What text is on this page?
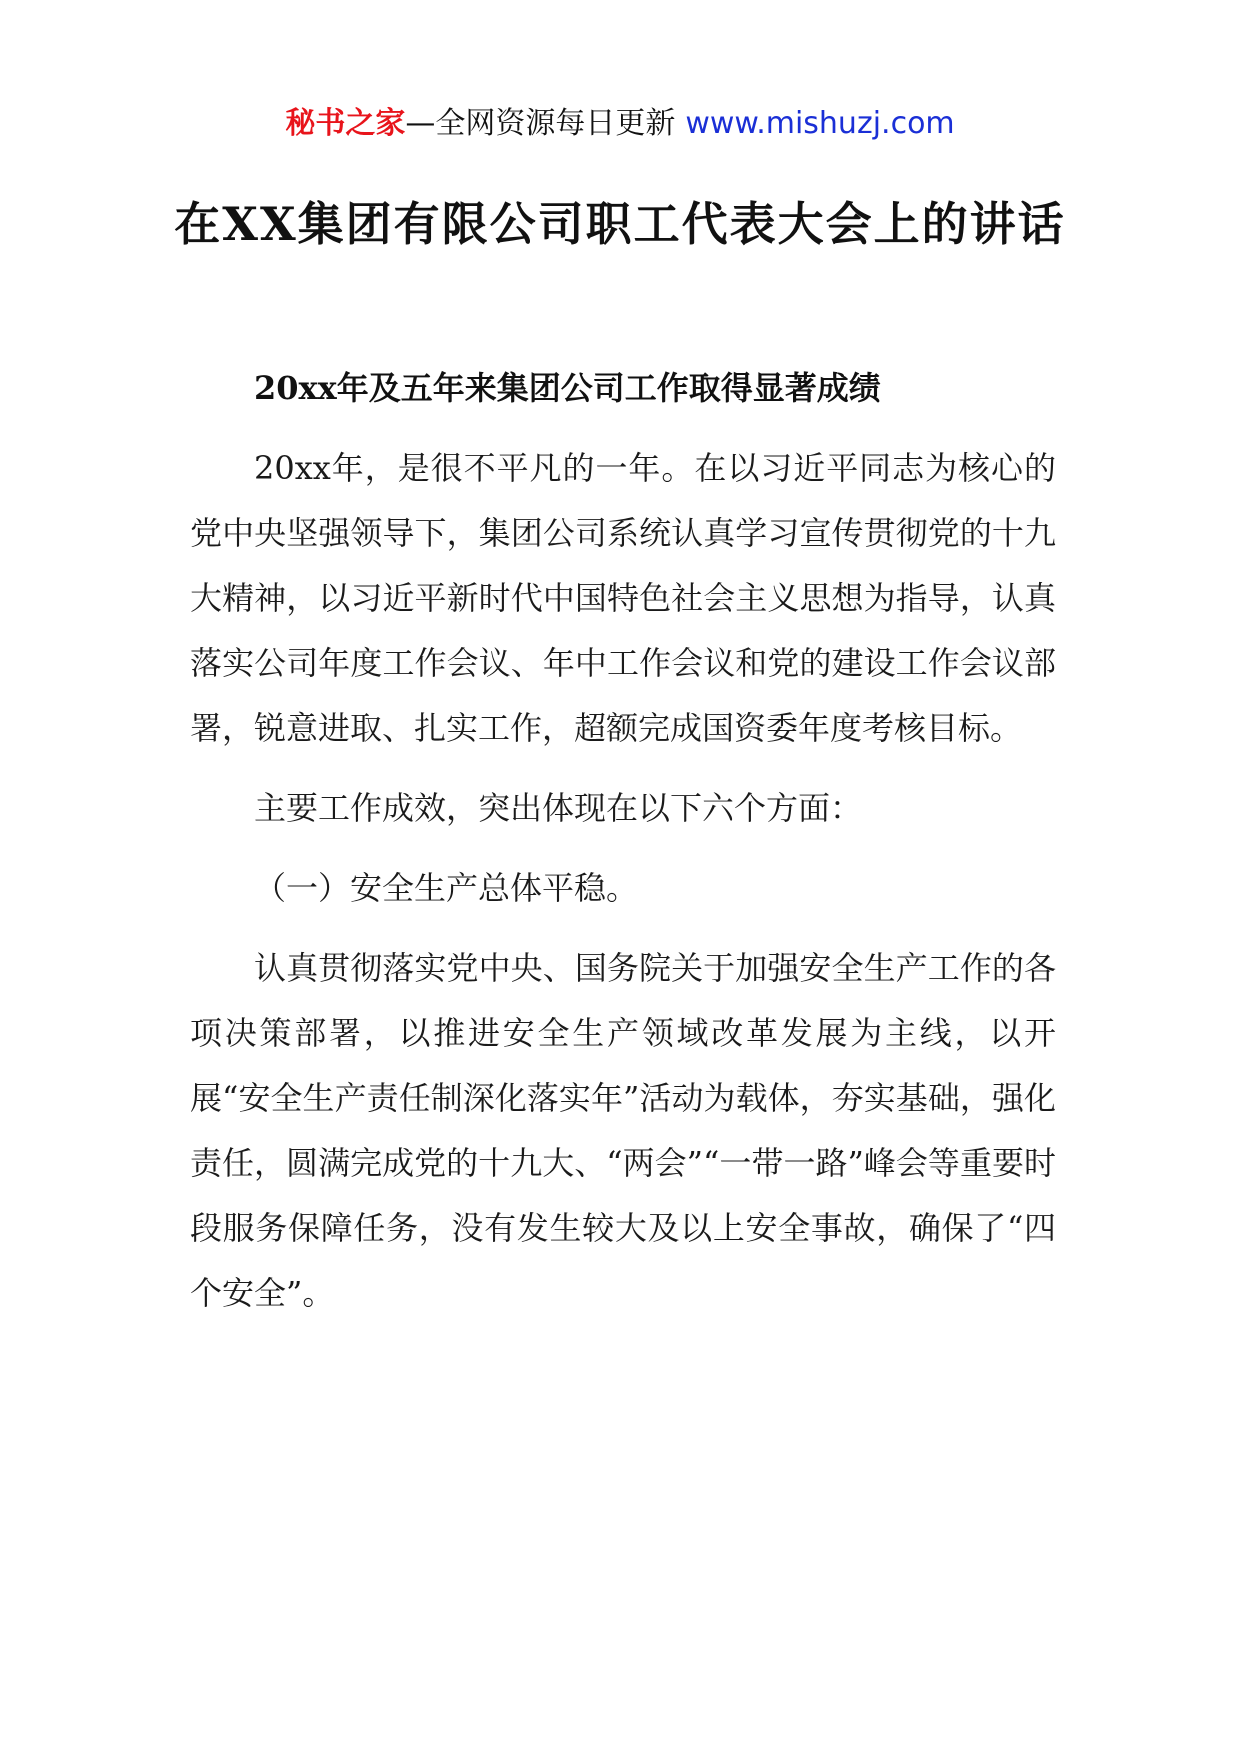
秘书之家—全网资源每日更新 www.mishuzj.com
在XX集团有限公司职工代表大会上的讲话

20xx年及五年来集团公司工作取得显著成绩

20xx年，是很不平凡的一年。在以习近平同志为核心的党中央坚强领导下，集团公司系统认真学习宣传贯彻党的十九大精神，以习近平新时代中国特色社会主义思想为指导，认真落实公司年度工作会议、年中工作会议和党的建设工作会议部署，锐意进取、扎实工作，超额完成国资委年度考核目标。

主要工作成效，突出体现在以下六个方面：

（一）安全生产总体平稳。

认真贯彻落实党中央、国务院关于加强安全生产工作的各项决策部署，以推进安全生产领域改革发展为主线，以开展“安全生产责任制深化落实年”活动为载体，夯实基础，强化责任，圆满完成党的十九大、“两会”“一带一路”峰会等重要时段服务保障任务，没有发生较大及以上安全事故，确保了“四个安全”。
